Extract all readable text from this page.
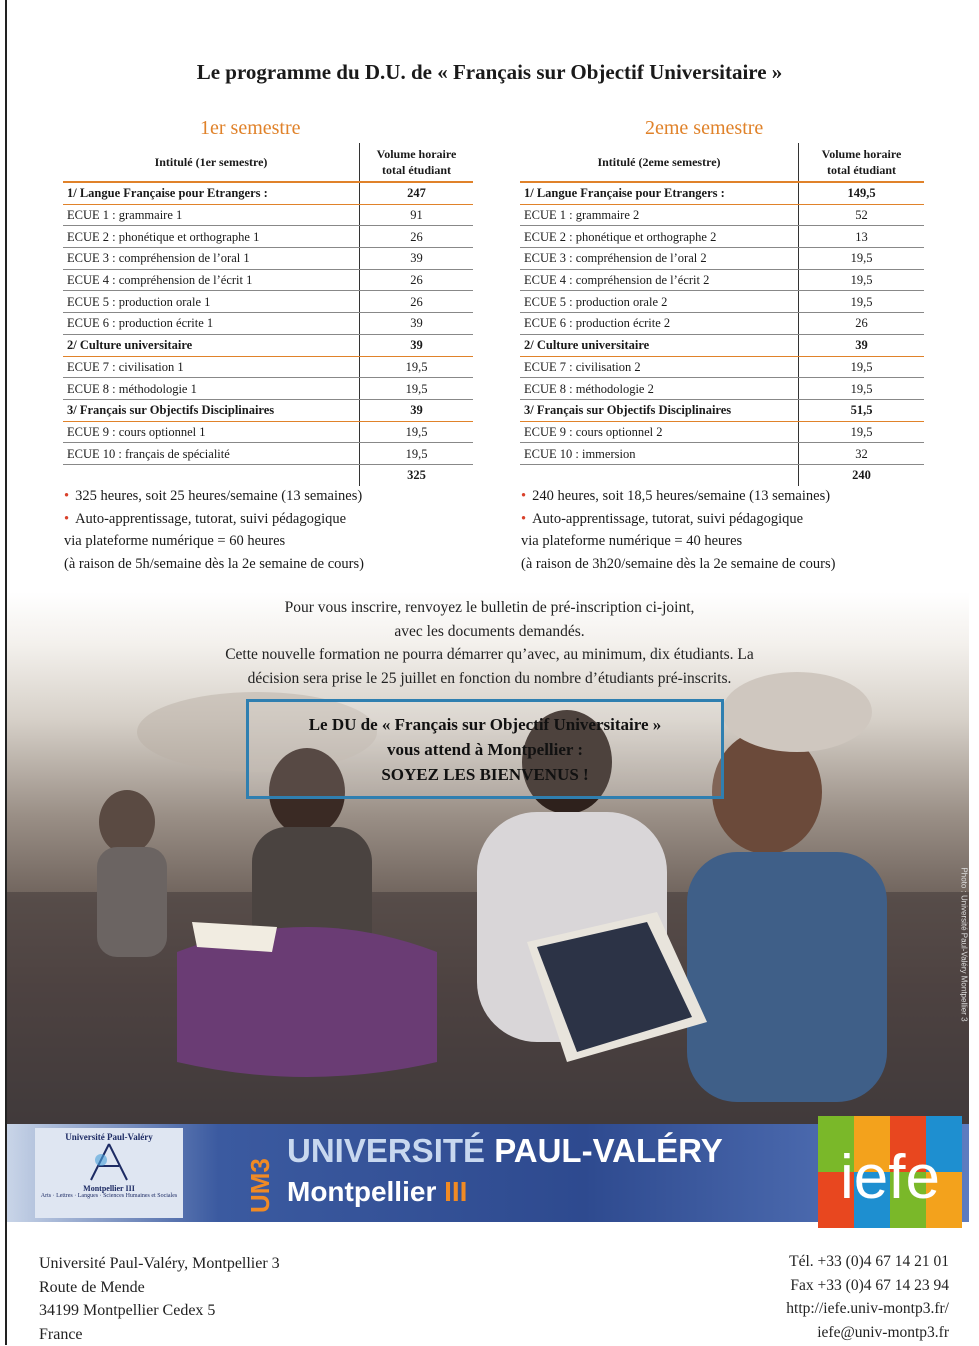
Le programme du D.U. de « Français sur Objectif Universitaire »
1er semestre
Intitulé (1er semestre)	Volume horaire
total étudiant
1/ Langue Française pour Etrangers :	247
ECUE 1 : grammaire 1	91
ECUE 2 : phonétique et orthographe 1	26
ECUE 3 : compréhension de l’oral 1	39
ECUE 4 : compréhension de l’écrit 1	26
ECUE 5 : production orale 1	26
ECUE 6 : production écrite 1	39
2/ Culture universitaire	39
ECUE 7 : civilisation 1	19,5
ECUE 8 : méthodologie 1	19,5
3/ Français sur Objectifs Disciplinaires	39
ECUE 9 : cours optionnel 1	19,5
ECUE 10 : français de spécialité	19,5
	325
2eme semestre
Intitulé (2eme semestre)	Volume horaire
total étudiant
1/ Langue Française pour Etrangers :	149,5
ECUE 1 : grammaire 2	52
ECUE 2 : phonétique et orthographe 2	13
ECUE 3 : compréhension de l’oral 2	19,5
ECUE 4 : compréhension de l’écrit 2	19,5
ECUE 5 : production orale 2	19,5
ECUE 6 : production écrite 2	26
2/ Culture universitaire	39
ECUE 7 : civilisation 2	19,5
ECUE 8 : méthodologie 2	19,5
3/ Français sur Objectifs Disciplinaires	51,5
ECUE 9 : cours optionnel 2	19,5
ECUE 10 : immersion	32
	240
• 325 heures, soit 25 heures/semaine (13 semaines)
• Auto-apprentissage, tutorat, suivi pédagogique
via plateforme numérique = 60 heures
(à raison de 5h/semaine dès la 2e semaine de cours)
• 240 heures, soit 18,5 heures/semaine (13 semaines)
• Auto-apprentissage, tutorat, suivi pédagogique
via plateforme numérique = 40 heures
(à raison de 3h20/semaine dès la 2e semaine de cours)
Pour vous inscrire, renvoyez le bulletin de pré-inscription ci-joint,
avec les documents demandés.
Cette nouvelle formation ne pourra démarrer qu’avec, au minimum, dix étudiants. La
décision sera prise le 25 juillet en fonction du nombre d’étudiants pré-inscrits.
Le DU de « Français sur Objectif Universitaire »
vous attend à Montpellier :
SOYEZ LES BIENVENUS !
Photo : Université Paul-Valéry Montpellier 3
Université Paul-Valéry
Montpellier III
Arts · Lettres · Langues · Sciences Humaines et Sociales	UM3
UNIVERSITÉ PAUL-VALÉRY
Montpellier III	iefe
Université Paul-Valéry, Montpellier 3
Route de Mende
34199 Montpellier Cedex 5
France
Tél. +33 (0)4 67 14 21 01
Fax +33 (0)4 67 14 23 94
http://iefe.univ-montp3.fr/
iefe@univ-montp3.fr
